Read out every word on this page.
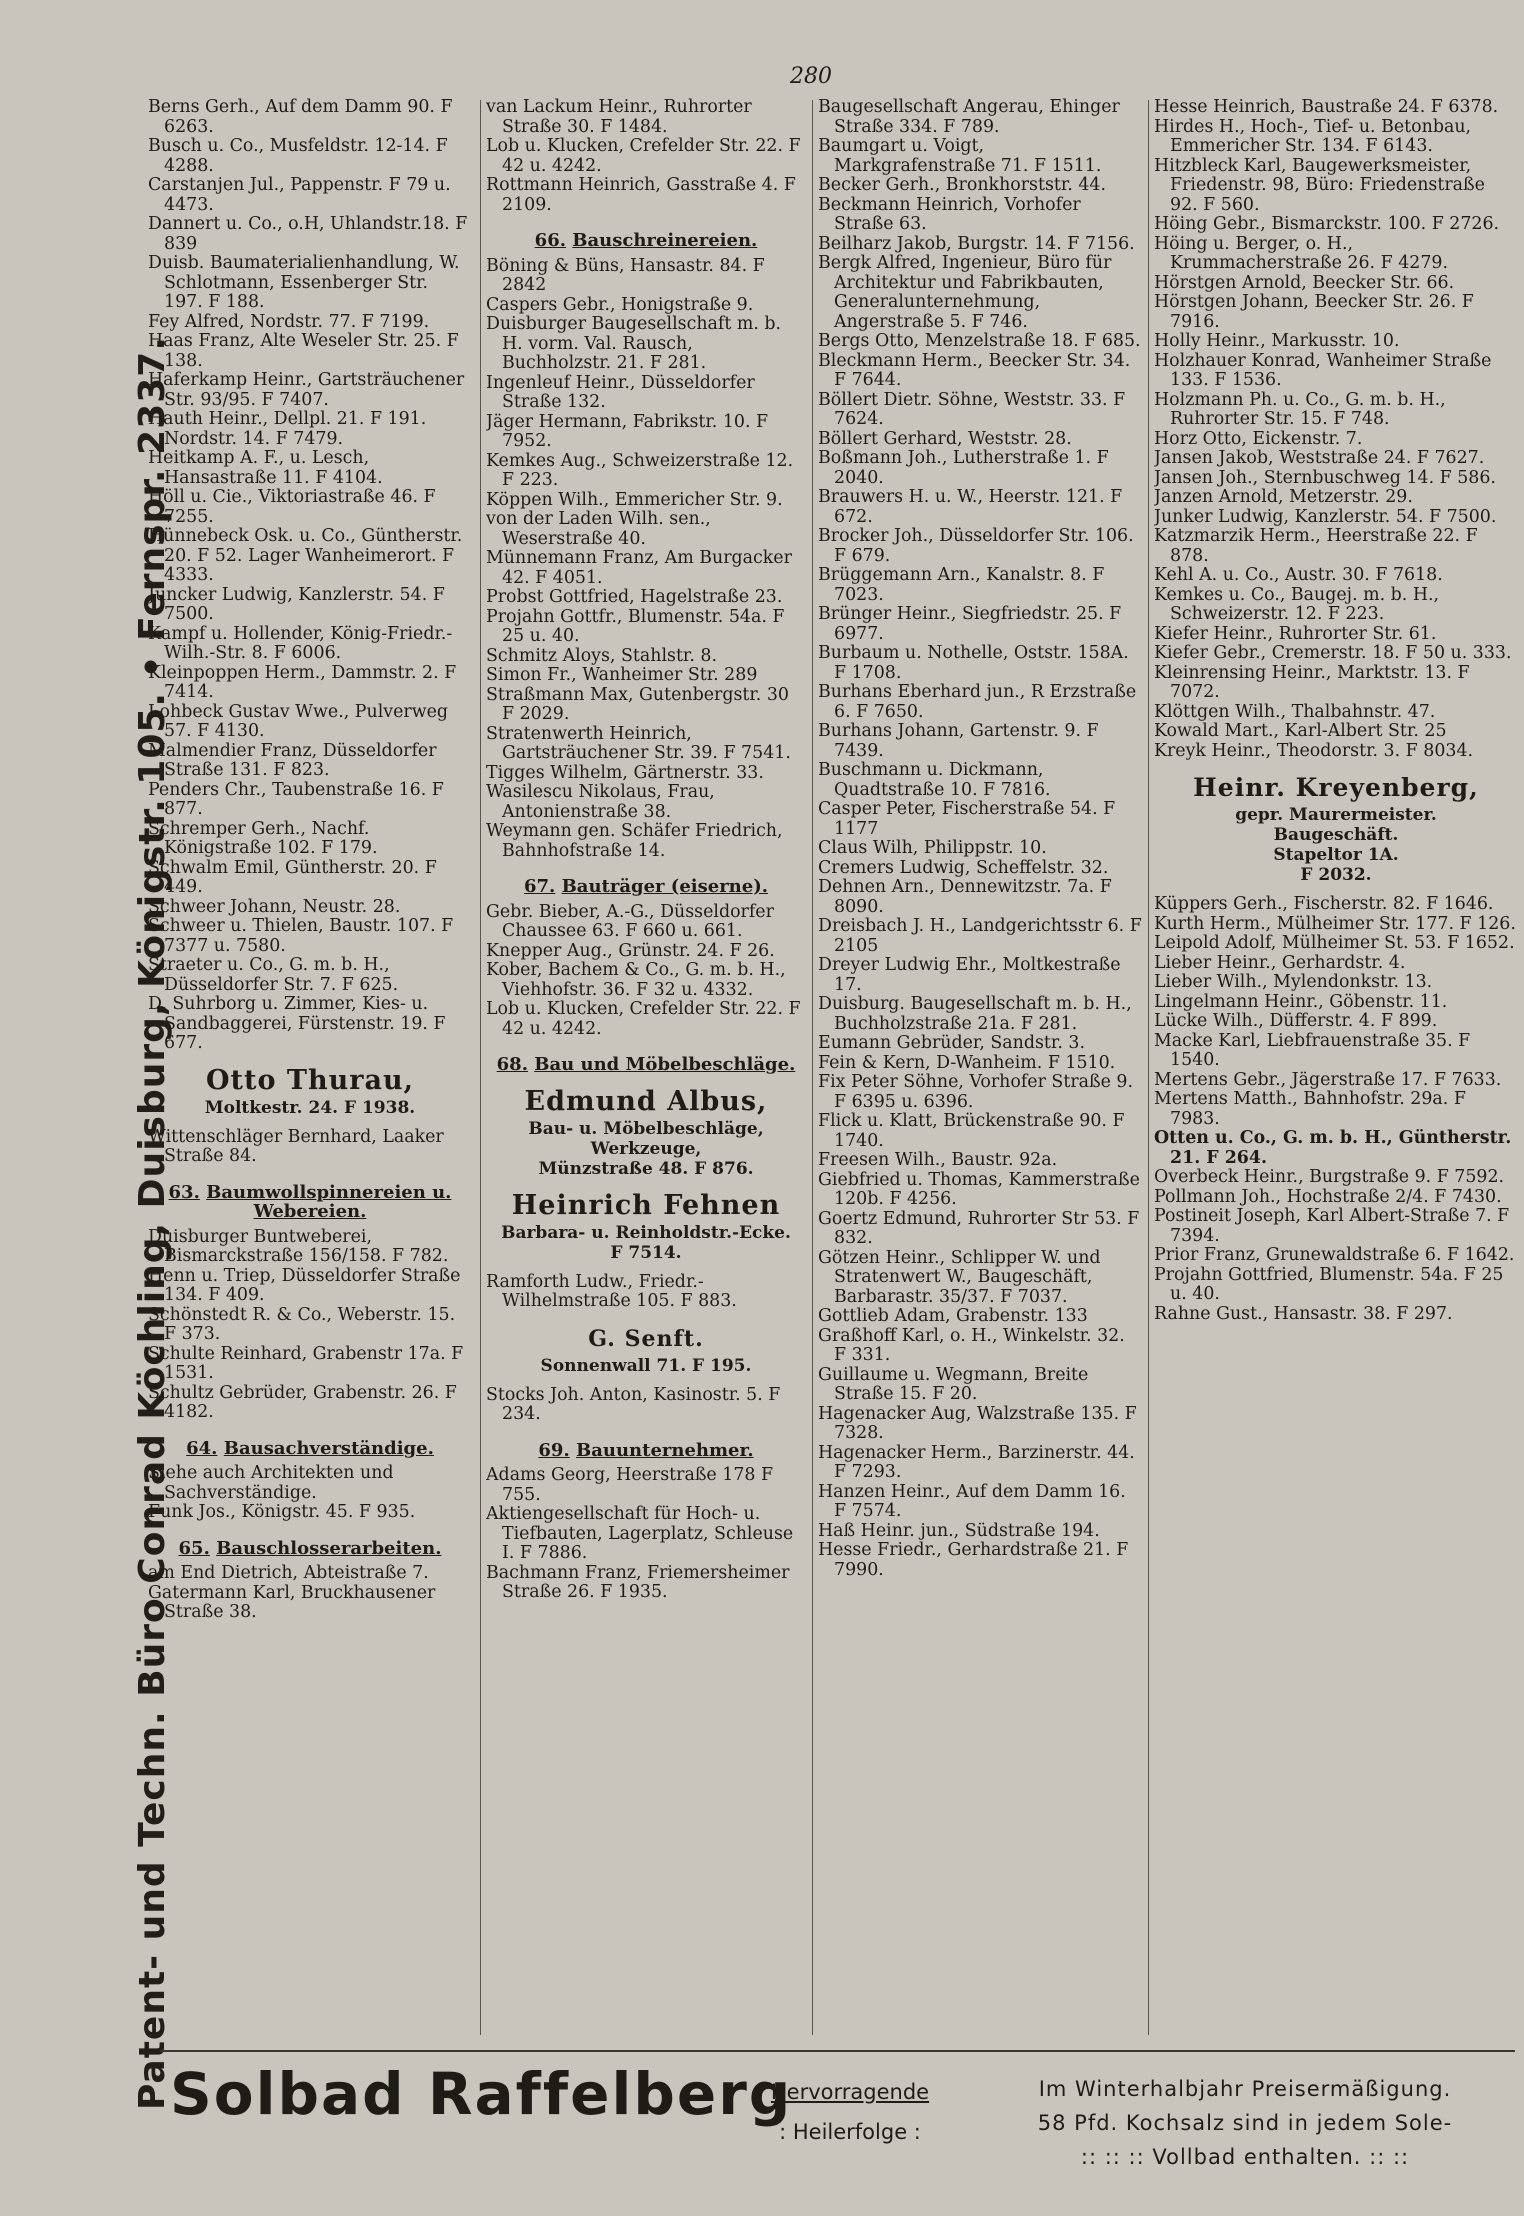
280
Patent- und Techn. Büro Conrad Köchling, Duisburg, Königstr. 105. • Fernspr. 2337.

Berns Gerh., Auf dem Damm 90. F 6263.

Busch u. Co., Musfeldstr. 12-14. F 4288.

Carstanjen Jul., Pappenstr. F 79 u. 4473.

Dannert u. Co., o.H, Uhlandstr.18. F 839

Duisb. Baumaterialienhandlung, W. Schlotmann, Essenberger Str. 197. F 188.

Fey Alfred, Nordstr. 77. F 7199.

Haas Franz, Alte Weseler Str. 25. F 138.

Haferkamp Heinr., Gartsträuchener Str. 93/95. F 7407.

Hauth Heinr., Dellpl. 21. F 191. Nordstr. 14. F 7479.

Heitkamp A. F., u. Lesch, Hansastraße 11. F 4104.

Höll u. Cie., Viktoriastraße 46. F 7255.

Hünnebeck Osk. u. Co., Güntherstr. 20. F 52. Lager Wanheimerort. F 4333.

Juncker Ludwig, Kanzlerstr. 54. F 7500.

Kampf u. Hollender, König-Friedr.-Wilh.-Str. 8. F 6006.

Kleinpoppen Herm., Dammstr. 2. F 7414.

Lohbeck Gustav Wwe., Pulverweg 57. F 4130.

Malmendier Franz, Düsseldorfer Straße 131. F 823.

Penders Chr., Taubenstraße 16. F 877.

Schremper Gerh., Nachf. Königstraße 102. F 179.

Schwalm Emil, Güntherstr. 20. F 449.

Schweer Johann, Neustr. 28.

Schweer u. Thielen, Baustr. 107. F 7377 u. 7580.

Straeter u. Co., G. m. b. H., Düsseldorfer Str. 7. F 625.

D. Suhrborg u. Zimmer, Kies- u. Sandbaggerei, Fürstenstr. 19. F 677.

Otto Thurau,
Moltkestr. 24. F 1938.

Wittenschläger Bernhard, Laaker Straße 84.

63. Baumwollspinnereien u. Webereien.

Duisburger Buntweberei, Bismarckstraße 156/158. F 782.

Henn u. Triep, Düsseldorfer Straße 134. F 409.

Schönstedt R. & Co., Weberstr. 15. F 373.

Schulte Reinhard, Grabenstr 17a. F 1531.

Schultz Gebrüder, Grabenstr. 26. F 4182.

64. Bausachverständige.

Siehe auch Architekten und Sachverständige.

Funk Jos., Königstr. 45. F 935.

65. Bauschlosserarbeiten.

am End Dietrich, Abteistraße 7.

Gatermann Karl, Bruckhausener Straße 38.

van Lackum Heinr., Ruhrorter Straße 30. F 1484.

Lob u. Klucken, Crefelder Str. 22. F 42 u. 4242.

Rottmann Heinrich, Gasstraße 4. F 2109.

66. Bauschreinereien.

Böning & Büns, Hansastr. 84. F 2842

Caspers Gebr., Honigstraße 9.

Duisburger Baugesellschaft m. b. H. vorm. Val. Rausch, Buchholzstr. 21. F 281.

Ingenleuf Heinr., Düsseldorfer Straße 132.

Jäger Hermann, Fabrikstr. 10. F 7952.

Kemkes Aug., Schweizerstraße 12. F 223.

Köppen Wilh., Emmericher Str. 9.

von der Laden Wilh. sen., Weserstraße 40.

Münnemann Franz, Am Burgacker 42. F 4051.

Probst Gottfried, Hagelstraße 23.

Projahn Gottfr., Blumenstr. 54a. F 25 u. 40.

Schmitz Aloys, Stahlstr. 8.

Simon Fr., Wanheimer Str. 289

Straßmann Max, Gutenbergstr. 30 F 2029.

Stratenwerth Heinrich, Gartsträuchener Str. 39. F 7541.

Tigges Wilhelm, Gärtnerstr. 33.

Wasilescu Nikolaus, Frau, Antonienstraße 38.

Weymann gen. Schäfer Friedrich, Bahnhofstraße 14.

67. Bauträger (eiserne).

Gebr. Bieber, A.-G., Düsseldorfer Chaussee 63. F 660 u. 661.

Knepper Aug., Grünstr. 24. F 26.

Kober, Bachem & Co., G. m. b. H., Viehhofstr. 36. F 32 u. 4332.

Lob u. Klucken, Crefelder Str. 22. F 42 u. 4242.

68. Bau und Möbelbeschläge.
Edmund Albus,
Bau- u. Möbelbeschläge,
Werkzeuge,
Münzstraße 48. F 876.
Heinrich Fehnen
Barbara- u. Reinholdstr.-Ecke.
F 7514.

Ramforth Ludw., Friedr.-Wilhelmstraße 105. F 883.

G. Senft.
Sonnenwall 71. F 195.

Stocks Joh. Anton, Kasinostr. 5. F 234.

69. Bauunternehmer.

Adams Georg, Heerstraße 178 F 755.

Aktiengesellschaft für Hoch- u. Tiefbauten, Lagerplatz, Schleuse I. F 7886.

Bachmann Franz, Friemersheimer Straße 26. F 1935.

Baugesellschaft Angerau, Ehinger Straße 334. F 789.

Baumgart u. Voigt, Markgrafenstraße 71. F 1511.

Becker Gerh., Bronkhorststr. 44.

Beckmann Heinrich, Vorhofer Straße 63.

Beilharz Jakob, Burgstr. 14. F 7156.

Bergk Alfred, Ingenieur, Büro für Architektur und Fabrikbauten, Generalunternehmung, Angerstraße 5. F 746.

Bergs Otto, Menzelstraße 18. F 685.

Bleckmann Herm., Beecker Str. 34. F 7644.

Böllert Dietr. Söhne, Weststr. 33. F 7624.

Böllert Gerhard, Weststr. 28.

Boßmann Joh., Lutherstraße 1. F 2040.

Brauwers H. u. W., Heerstr. 121. F 672.

Brocker Joh., Düsseldorfer Str. 106. F 679.

Brüggemann Arn., Kanalstr. 8. F 7023.

Brünger Heinr., Siegfriedstr. 25. F 6977.

Burbaum u. Nothelle, Oststr. 158A. F 1708.

Burhans Eberhard jun., R Erzstraße 6. F 7650.

Burhans Johann, Gartenstr. 9. F 7439.

Buschmann u. Dickmann, Quadtstraße 10. F 7816.

Casper Peter, Fischerstraße 54. F 1177

Claus Wilh, Philippstr. 10.

Cremers Ludwig, Scheffelstr. 32.

Dehnen Arn., Dennewitzstr. 7a. F 8090.

Dreisbach J. H., Landgerichtsstr 6. F 2105

Dreyer Ludwig Ehr., Moltkestraße 17.

Duisburg. Baugesellschaft m. b. H., Buchholzstraße 21a. F 281.

Eumann Gebrüder, Sandstr. 3.

Fein & Kern, D-Wanheim. F 1510.

Fix Peter Söhne, Vorhofer Straße 9. F 6395 u. 6396.

Flick u. Klatt, Brückenstraße 90. F 1740.

Freesen Wilh., Baustr. 92a.

Giebfried u. Thomas, Kammerstraße 120b. F 4256.

Goertz Edmund, Ruhrorter Str 53. F 832.

Götzen Heinr., Schlipper W. und Stratenwert W., Baugeschäft, Barbarastr. 35/37. F 7037.

Gottlieb Adam, Grabenstr. 133

Graßhoff Karl, o. H., Winkelstr. 32. F 331.

Guillaume u. Wegmann, Breite Straße 15. F 20.

Hagenacker Aug, Walzstraße 135. F 7328.

Hagenacker Herm., Barzinerstr. 44. F 7293.

Hanzen Heinr., Auf dem Damm 16. F 7574.

Haß Heinr. jun., Südstraße 194.

Hesse Friedr., Gerhardstraße 21. F 7990.

Hesse Heinrich, Baustraße 24. F 6378.

Hirdes H., Hoch-, Tief- u. Betonbau, Emmericher Str. 134. F 6143.

Hitzbleck Karl, Baugewerksmeister, Friedenstr. 98, Büro: Friedenstraße 92. F 560.

Höing Gebr., Bismarckstr. 100. F 2726.

Höing u. Berger, o. H., Krummacherstraße 26. F 4279.

Hörstgen Arnold, Beecker Str. 66.

Hörstgen Johann, Beecker Str. 26. F 7916.

Holly Heinr., Markusstr. 10.

Holzhauer Konrad, Wanheimer Straße 133. F 1536.

Holzmann Ph. u. Co., G. m. b. H., Ruhrorter Str. 15. F 748.

Horz Otto, Eickenstr. 7.

Jansen Jakob, Weststraße 24. F 7627.

Jansen Joh., Sternbuschweg 14. F 586.

Janzen Arnold, Metzerstr. 29.

Junker Ludwig, Kanzlerstr. 54. F 7500.

Katzmarzik Herm., Heerstraße 22. F 878.

Kehl A. u. Co., Austr. 30. F 7618.

Kemkes u. Co., Baugej. m. b. H., Schweizerstr. 12. F 223.

Kiefer Heinr., Ruhrorter Str. 61.

Kiefer Gebr., Cremerstr. 18. F 50 u. 333.

Kleinrensing Heinr., Marktstr. 13. F 7072.

Klöttgen Wilh., Thalbahnstr. 47.

Kowald Mart., Karl-Albert Str. 25

Kreyk Heinr., Theodorstr. 3. F 8034.

Heinr. Kreyenberg,
gepr. Maurermeister.
Baugeschäft.
Stapeltor 1A.
F 2032.

Küppers Gerh., Fischerstr. 82. F 1646.

Kurth Herm., Mülheimer Str. 177. F 126.

Leipold Adolf, Mülheimer St. 53. F 1652.

Lieber Heinr., Gerhardstr. 4.

Lieber Wilh., Mylendonkstr. 13.

Lingelmann Heinr., Göbenstr. 11.

Lücke Wilh., Düfferstr. 4. F 899.

Macke Karl, Liebfrauenstraße 35. F 1540.

Mertens Gebr., Jägerstraße 17. F 7633.

Mertens Matth., Bahnhofstr. 29a. F 7983.

Otten u. Co., G. m. b. H., Güntherstr. 21. F 264.

Overbeck Heinr., Burgstraße 9. F 7592.

Pollmann Joh., Hochstraße 2/4. F 7430.

Postineit Joseph, Karl Albert-Straße 7. F 7394.

Prior Franz, Grunewaldstraße 6. F 1642.

Projahn Gottfried, Blumenstr. 54a. F 25 u. 40.

Rahne Gust., Hansastr. 38. F 297.

Solbad Raffelberg
Hervorragende
: Heilerfolge :
Im Winterhalbjahr Preisermäßigung.
58 Pfd. Kochsalz sind in jedem Sole-
:: :: :: Vollbad enthalten. :: ::
